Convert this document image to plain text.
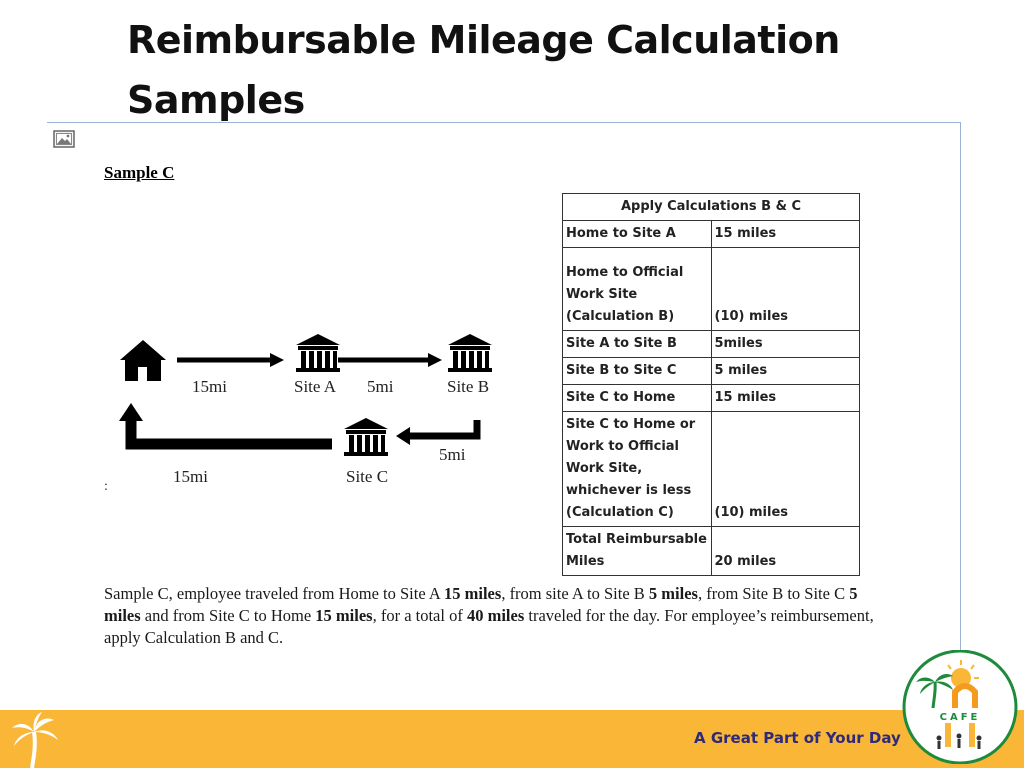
Reimbursable Mileage Calculation Samples
Sample C
15mi	Site A 5mi	Site B
5mi
15mi	Site C
Apply Calculations B & C	
Home to Site A	15 miles
Home to Official Work Site (Calculation B)	(10) miles
Site A to Site B	5miles
Site B to Site C	5 miles
Site C to Home	15 miles
Site C to Home or Work to Official Work Site, whichever is less (Calculation C)	(10) miles
Total Reimbursable Miles	20 miles
:

Sample C, employee traveled from Home to Site A 15 miles, from site A to Site B 5 miles, from Site B to Site C 5 miles and from Site C to Home 15 miles, for a total of 40 miles traveled for the day. For employee’s reimbursement, apply Calculation B and C.

A Great Part of Your Day
CAFE
